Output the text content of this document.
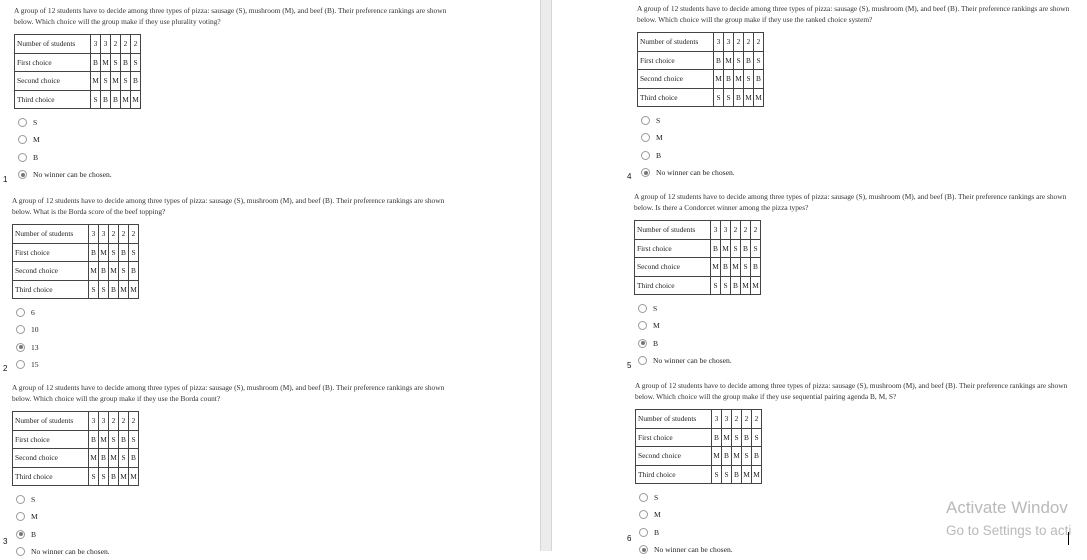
A group of 12 students have to decide among three types of pizza: sausage (S), mushroom (M), and beef (B). Their preference rankings are shown below. Which choice will the group make if they use plurality voting?
Number of students	3	3	2	2	2
First choice	B	M	S	B	S
Second choice	M	S	M	S	B
Third choice	S	B	B	M	M
S
M
B
No winner can be chosen.
A group of 12 students have to decide among three types of pizza: sausage (S), mushroom (M), and beef (B). Their preference rankings are shown below. What is the Borda score of the beef topping?
Number of students	3	3	2	2	2
First choice	B	M	S	B	S
Second choice	M	B	M	S	B
Third choice	S	S	B	M	M
6
10
13
15
A group of 12 students have to decide among three types of pizza: sausage (S), mushroom (M), and beef (B). Their preference rankings are shown below. Which choice will the group make if they use the Borda count?
Number of students	3	3	2	2	2
First choice	B	M	S	B	S
Second choice	M	B	M	S	B
Third choice	S	S	B	M	M
S
M
B
No winner can be chosen.
A group of 12 students have to decide among three types of pizza: sausage (S), mushroom (M), and beef (B). Their preference rankings are shown below. Which choice will the group make if they use the ranked choice system?
Number of students	3	3	2	2	2
First choice	B	M	S	B	S
Second choice	M	B	M	S	B
Third choice	S	S	B	M	M
S
M
B
No winner can be chosen.
A group of 12 students have to decide among three types of pizza: sausage (S), mushroom (M), and beef (B). Their preference rankings are shown below. Is there a Condorcet winner among the pizza types?
Number of students	3	3	2	2	2
First choice	B	M	S	B	S
Second choice	M	B	M	S	B
Third choice	S	S	B	M	M
S
M
B
No winner can be chosen.
A group of 12 students have to decide among three types of pizza: sausage (S), mushroom (M), and beef (B). Their preference rankings are shown below. Which choice will the group make if they use sequential pairing agenda B, M, S?
Number of students	3	3	2	2	2
First choice	B	M	S	B	S
Second choice	M	B	M	S	B
Third choice	S	S	B	M	M
S
M
B
No winner can be chosen.
1
2
3
4
5
6
Activate Windov
Go to Settings to acti
